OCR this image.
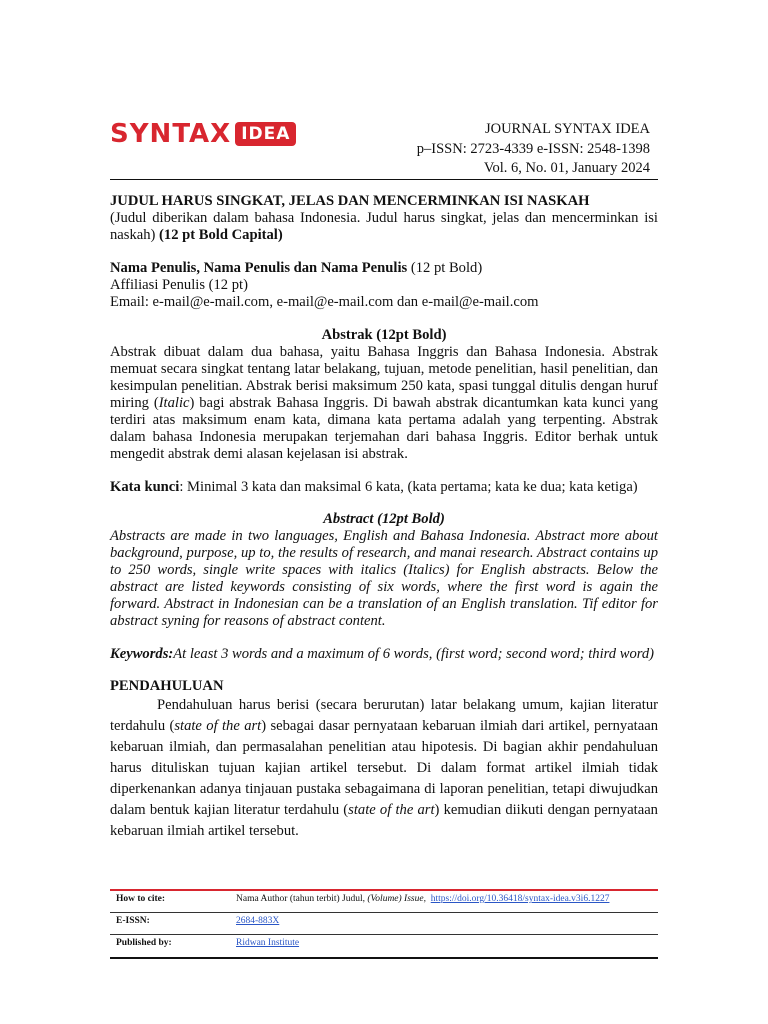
SYNTAX IDEA	JOURNAL SYNTAX IDEA
p–ISSN: 2723-4339 e-ISSN: 2548-1398
Vol. 6, No. 01, January 2024

JUDUL HARUS SINGKAT, JELAS DAN MENCERMINKAN ISI NASKAH

(Judul diberikan dalam bahasa Indonesia. Judul harus singkat, jelas dan mencerminkan isi naskah) (12 pt Bold Capital)

Nama Penulis, Nama Penulis dan Nama Penulis (12 pt Bold)

Affiliasi Penulis (12 pt)

Email: e-mail@e-mail.com, e-mail@e-mail.com dan e-mail@e-mail.com

Abstrak (12pt Bold)

Abstrak dibuat dalam dua bahasa, yaitu Bahasa Inggris dan Bahasa Indonesia. Abstrak memuat secara singkat tentang latar belakang, tujuan, metode penelitian, hasil penelitian, dan kesimpulan penelitian. Abstrak berisi maksimum 250 kata, spasi tunggal ditulis dengan huruf miring (Italic) bagi abstrak Bahasa Inggris. Di bawah abstrak dicantumkan kata kunci yang terdiri atas maksimum enam kata, dimana kata pertama adalah yang terpenting. Abstrak dalam bahasa Indonesia merupakan terjemahan dari bahasa Inggris. Editor berhak untuk mengedit abstrak demi alasan kejelasan isi abstrak.

Kata kunci : Minimal 3 kata dan maksimal 6 kata, (kata pertama; kata ke dua; kata ketiga)

Abstract (12pt Bold)

Abstracts are made in two languages, English and Bahasa Indonesia. Abstract more about background, purpose, up to, the results of research, and manai research. Abstract contains up to 250 words, single write spaces with italics (Italics) for English abstracts. Below the abstract are listed keywords consisting of six words, where the first word is again the forward. Abstract in Indonesian can be a translation of an English translation. Tif editor for abstract syning for reasons of abstract content.

Keywords: At least 3 words and a maximum of 6 words, (first word; second word; third word)

PENDAHULUAN

Pendahuluan harus berisi (secara berurutan) latar belakang umum, kajian literatur terdahulu (state of the art) sebagai dasar pernyataan kebaruan ilmiah dari artikel, pernyataan kebaruan ilmiah, dan permasalahan penelitian atau hipotesis. Di bagian akhir pendahuluan harus dituliskan tujuan kajian artikel tersebut. Di dalam format artikel ilmiah tidak diperkenankan adanya tinjauan pustaka sebagaimana di laporan penelitian, tetapi diwujudkan dalam bentuk kajian literatur terdahulu (state of the art) kemudian diikuti dengan pernyataan kebaruan ilmiah artikel tersebut.

How to cite:	Nama Author (tahun terbit) Judul, (Volume) Issue, https://doi.org/10.36418/syntax-idea.v3i6.1227
E-ISSN:	2684-883X
Published by:	Ridwan Institute
